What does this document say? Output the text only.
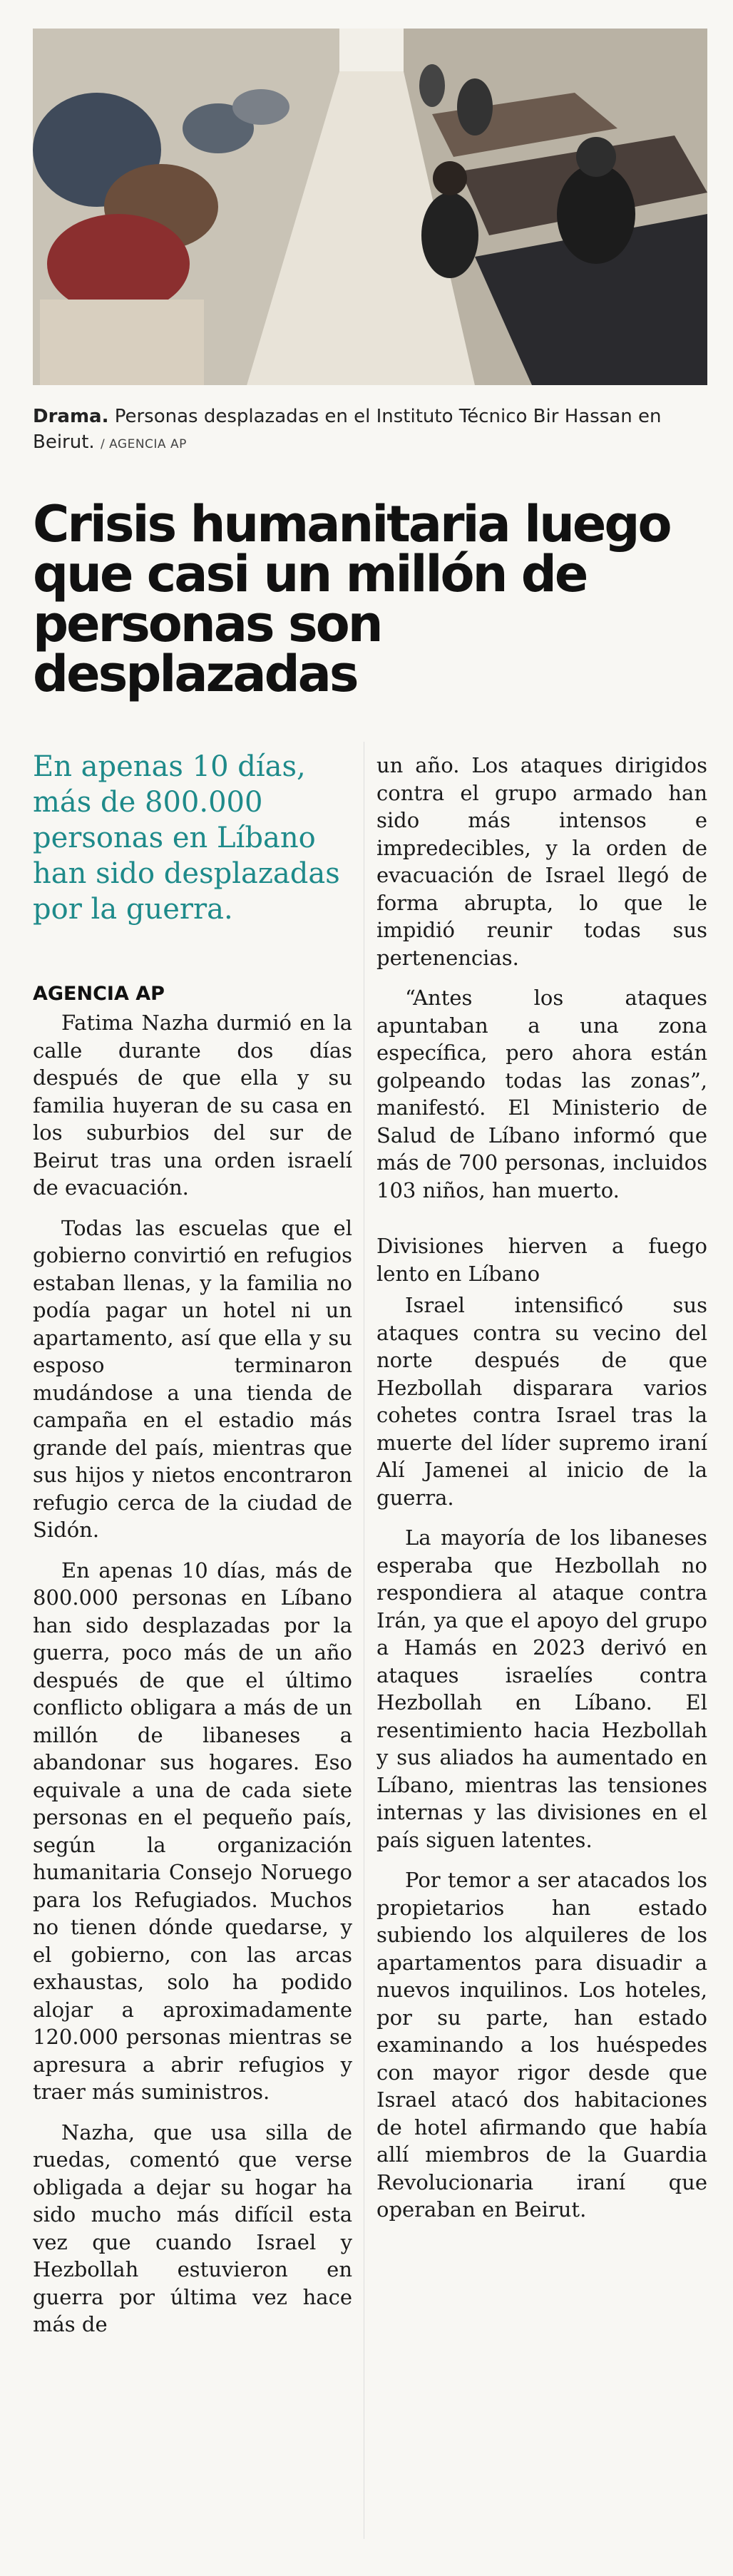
Drama. Personas desplazadas en el Instituto Técnico Bir Hassan en Beirut. / AGENCIA AP
Crisis humanitaria luego que casi un millón de personas son desplazadas

En apenas 10 días, más de 800.000 personas en Líbano han sido desplazadas por la guerra.

AGENCIA AP

Fatima Nazha durmió en la calle durante dos días después de que ella y su familia huyeran de su casa en los suburbios del sur de Beirut tras una orden israelí de evacuación.

Todas las escuelas que el gobierno convirtió en refugios estaban llenas, y la familia no podía pagar un hotel ni un apartamento, así que ella y su esposo terminaron mudándose a una tienda de campaña en el estadio más grande del país, mientras que sus hijos y nietos encontraron refugio cerca de la ciudad de Sidón.

En apenas 10 días, más de 800.000 personas en Líbano han sido desplazadas por la guerra, poco más de un año después de que el último conflicto obligara a más de un millón de libaneses a abandonar sus hogares. Eso equivale a una de cada siete personas en el pequeño país, según la organización humanitaria Consejo Noruego para los Refugiados. Muchos no tienen dónde quedarse, y el gobierno, con las arcas exhaustas, solo ha podido alojar a aproximadamente 120.000 personas mientras se apresura a abrir refugios y traer más suministros.

Nazha, que usa silla de ruedas, comentó que verse obligada a dejar su hogar ha sido mucho más difícil esta vez que cuando Israel y Hezbollah estuvieron en guerra por última vez hace más de

un año. Los ataques dirigidos contra el grupo armado han sido más intensos e impredecibles, y la orden de evacuación de Israel llegó de forma abrupta, lo que le impidió reunir todas sus pertenencias.

“Antes los ataques apuntaban a una zona específica, pero ahora están golpeando todas las zonas”, manifestó. El Ministerio de Salud de Líbano informó que más de 700 personas, incluidos 103 niños, han muerto.

Divisiones hierven a fuego lento en Líbano

Israel intensificó sus ataques contra su vecino del norte después de que Hezbollah disparara varios cohetes contra Israel tras la muerte del líder supremo iraní Alí Jamenei al inicio de la guerra.

La mayoría de los libaneses esperaba que Hezbollah no respondiera al ataque contra Irán, ya que el apoyo del grupo a Hamás en 2023 derivó en ataques israelíes contra Hezbollah en Líbano. El resentimiento hacia Hezbollah y sus aliados ha aumentado en Líbano, mientras las tensiones internas y las divisiones en el país siguen latentes.

Por temor a ser atacados los propietarios han estado subiendo los alquileres de los apartamentos para disuadir a nuevos inquilinos. Los hoteles, por su parte, han estado examinando a los huéspedes con mayor rigor desde que Israel atacó dos habitaciones de hotel afirmando que había allí miembros de la Guardia Revolucionaria iraní que operaban en Beirut.
